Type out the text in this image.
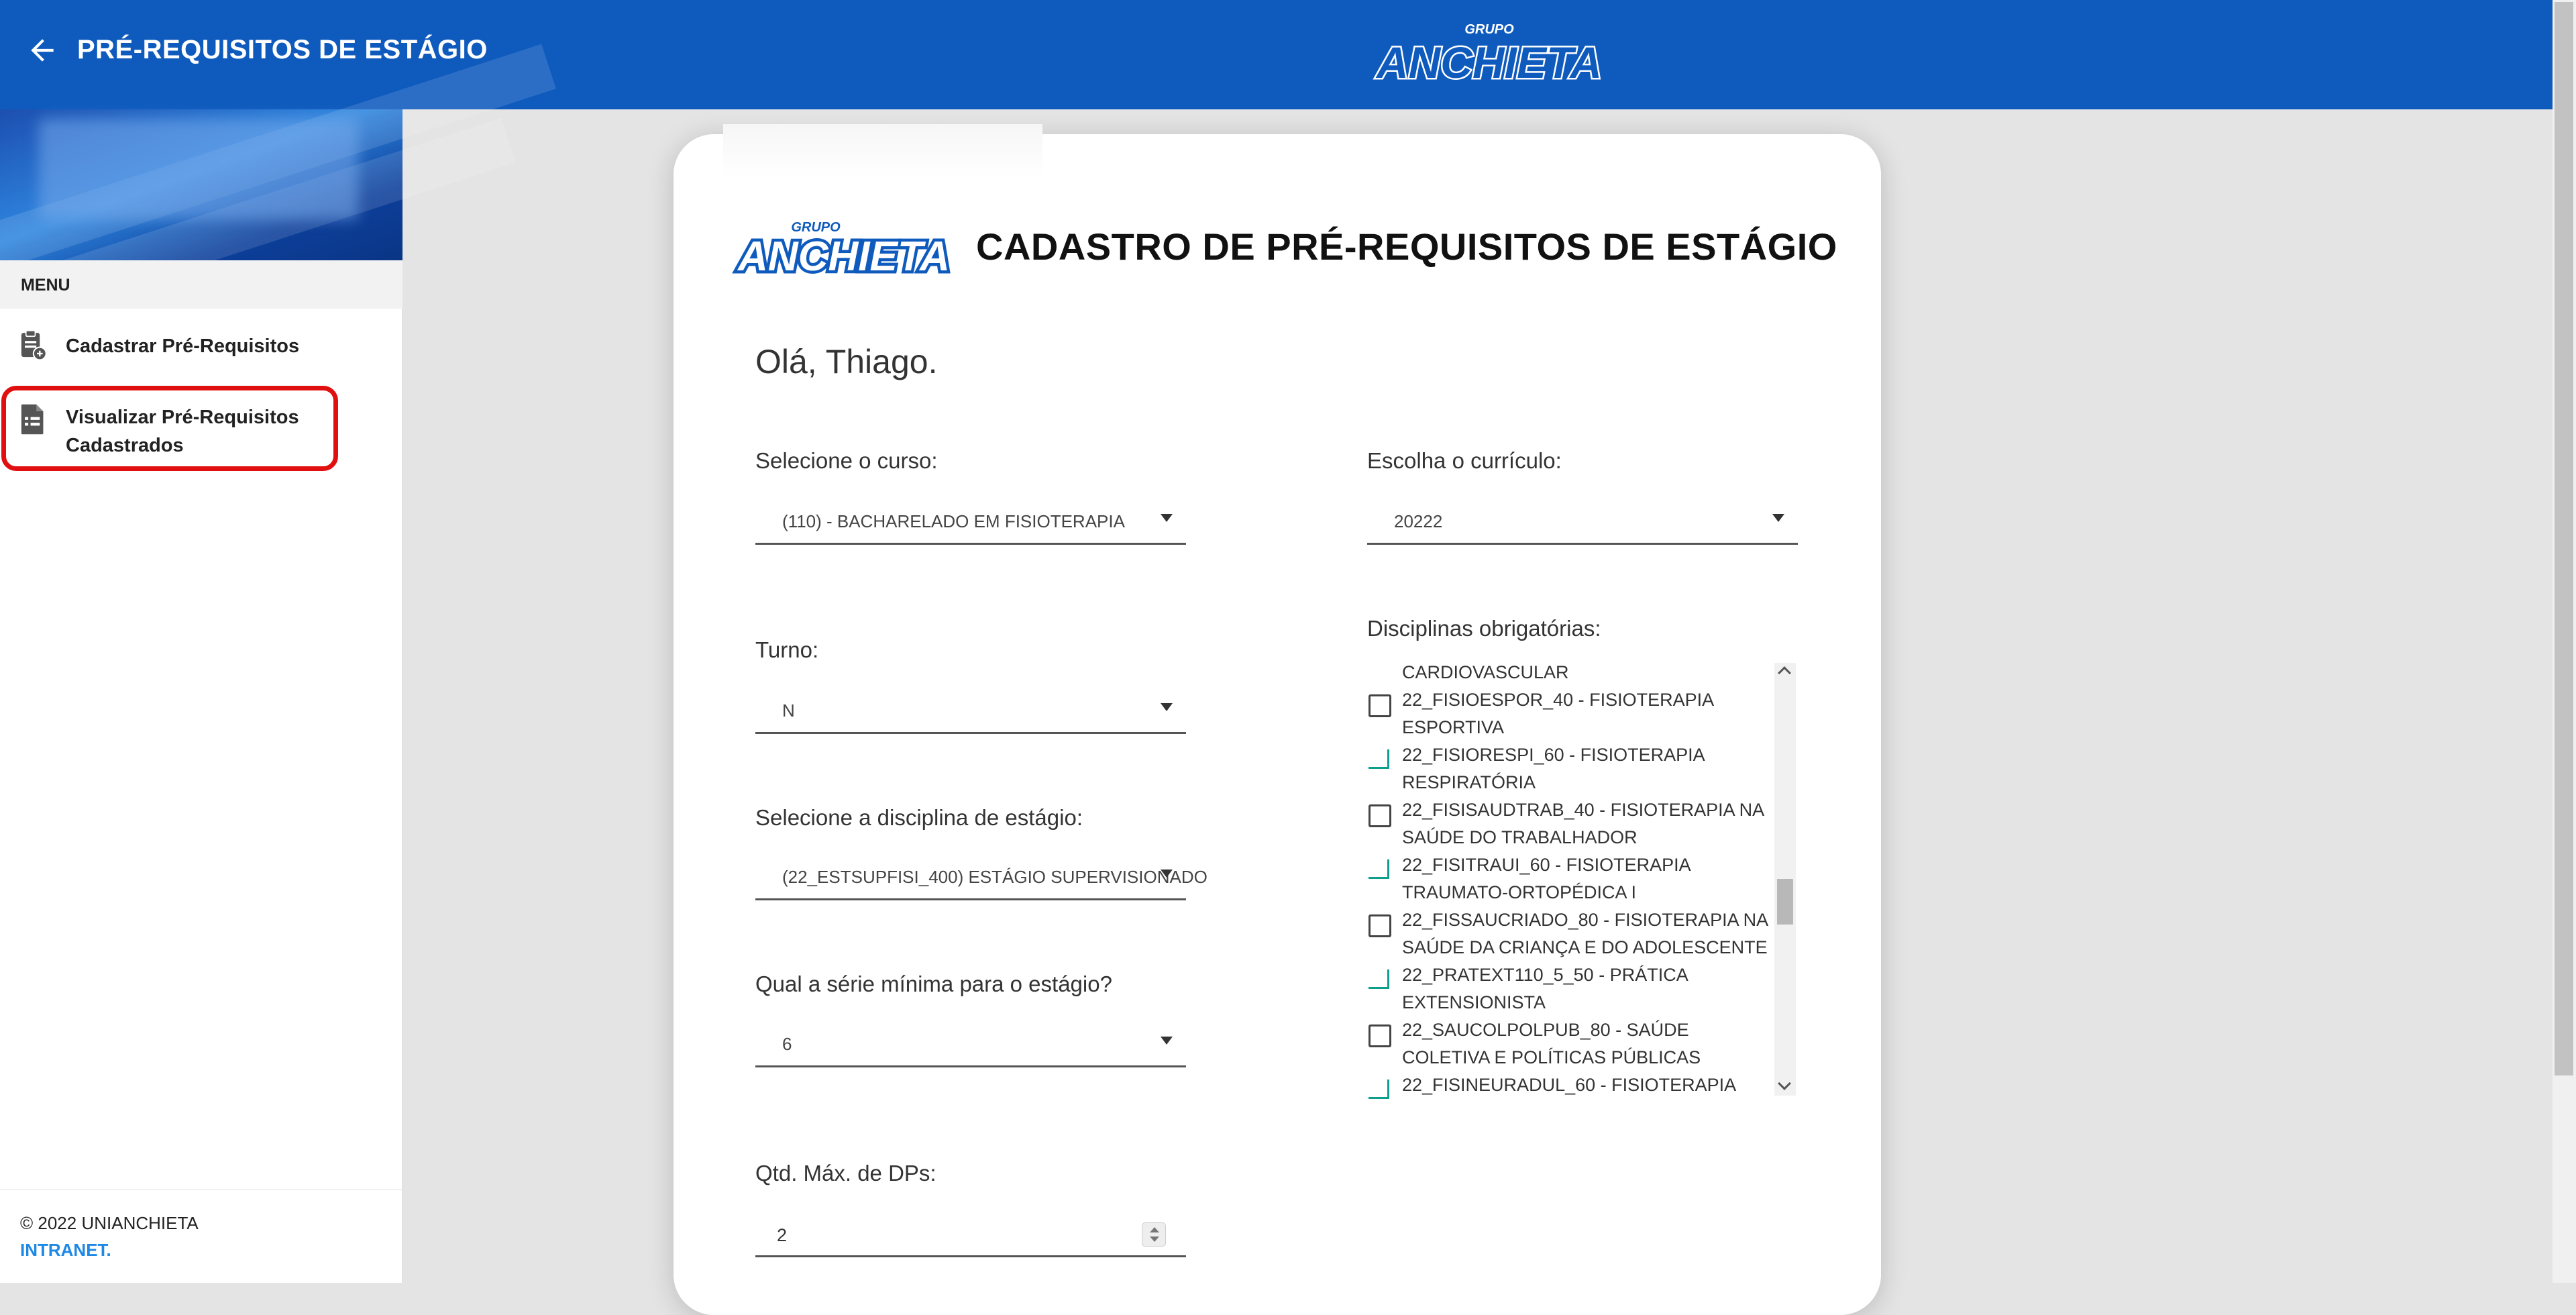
PRÉ-REQUISITOS DE ESTÁGIO
GRUPO
ANCHIETA
MENU
Cadastrar Pré-Requisitos
Visualizar Pré-Requisitos
Cadastrados
© 2022 UNIANCHIETA
INTRANET.
GRUPO
ANCHIETA CADASTRO DE PRÉ-REQUISITOS DE ESTÁGIO
Olá, Thiago.
Selecione o curso:
(110) - BACHARELADO EM FISIOTERAPIA
Turno:
N
Selecione a disciplina de estágio:
(22_ESTSUPFISI_400) ESTÁGIO SUPERVISIONADO
Qual a série mínima para o estágio?
6
Qtd. Máx. de DPs:
2
Escolha o currículo:
20222
Disciplinas obrigatórias:
CARDIOVASCULAR
22_FISIOESPOR_40 - FISIOTERAPIA
ESPORTIVA
22_FISIORESPI_60 - FISIOTERAPIA
RESPIRATÓRIA
22_FISISAUDTRAB_40 - FISIOTERAPIA NA
SAÚDE DO TRABALHADOR
22_FISITRAUI_60 - FISIOTERAPIA
TRAUMATO-ORTOPÉDICA I
22_FISSAUCRIADO_80 - FISIOTERAPIA NA
SAÚDE DA CRIANÇA E DO ADOLESCENTE
22_PRATEXT110_5_50 - PRÁTICA
EXTENSIONISTA
22_SAUCOLPOLPUB_80 - SAÚDE
COLETIVA E POLÍTICAS PÚBLICAS
22_FISINEURADUL_60 - FISIOTERAPIA
